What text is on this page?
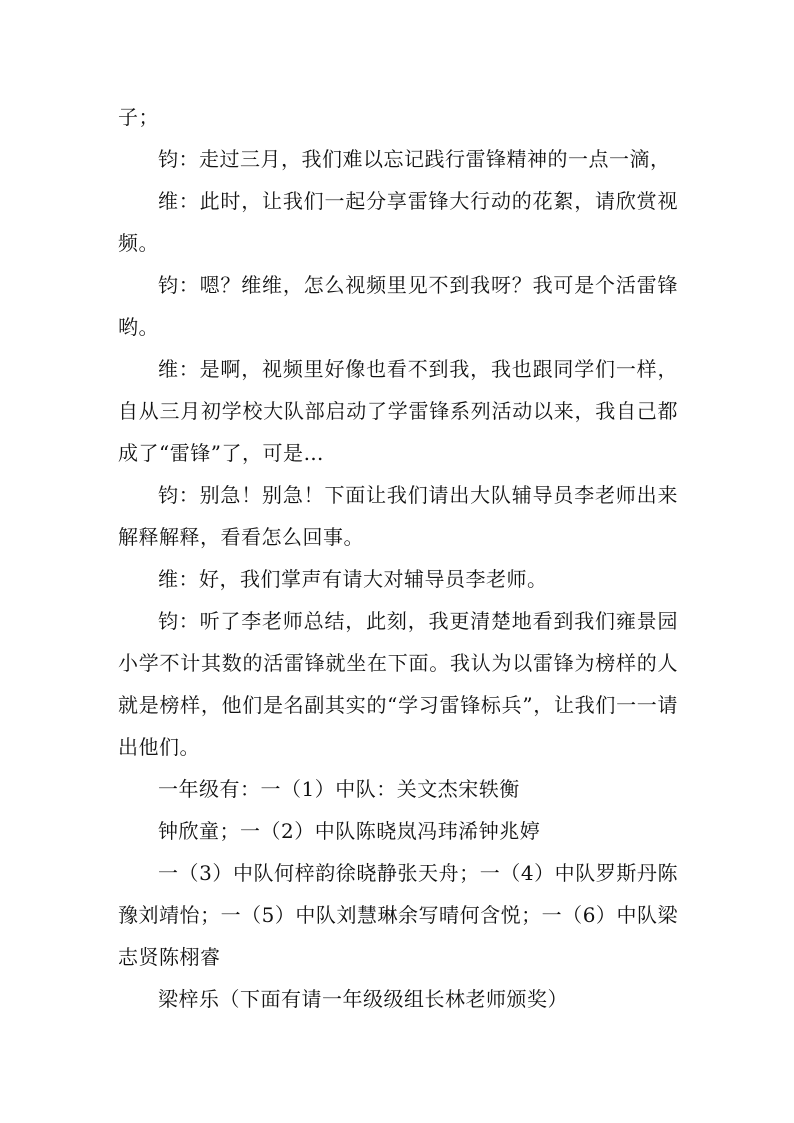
子；

钧：走过三月，我们难以忘记践行雷锋精神的一点一滴，

维：此时，让我们一起分享雷锋大行动的花絮，请欣赏视频。

钧：嗯？维维，怎么视频里见不到我呀？我可是个活雷锋哟。

维：是啊，视频里好像也看不到我，我也跟同学们一样，自从三月初学校大队部启动了学雷锋系列活动以来，我自己都成了“雷锋”了，可是…

钧：别急！别急！下面让我们请出大队辅导员李老师出来解释解释，看看怎么回事。

维：好，我们掌声有请大对辅导员李老师。

钧：听了李老师总结，此刻，我更清楚地看到我们雍景园小学不计其数的活雷锋就坐在下面。我认为以雷锋为榜样的人就是榜样，他们是名副其实的“学习雷锋标兵”，让我们一一请出他们。

一年级有：一（1）中队：关文杰宋轶衡

钟欣童；一（2）中队陈晓岚冯玮浠钟兆婷

一（3）中队何梓韵徐晓静张天舟；一（4）中队罗斯丹陈豫刘靖怡；一（5）中队刘慧琳余写晴何含悦；一（6）中队梁志贤陈栩睿

梁梓乐（下面有请一年级级组长林老师颁奖）
